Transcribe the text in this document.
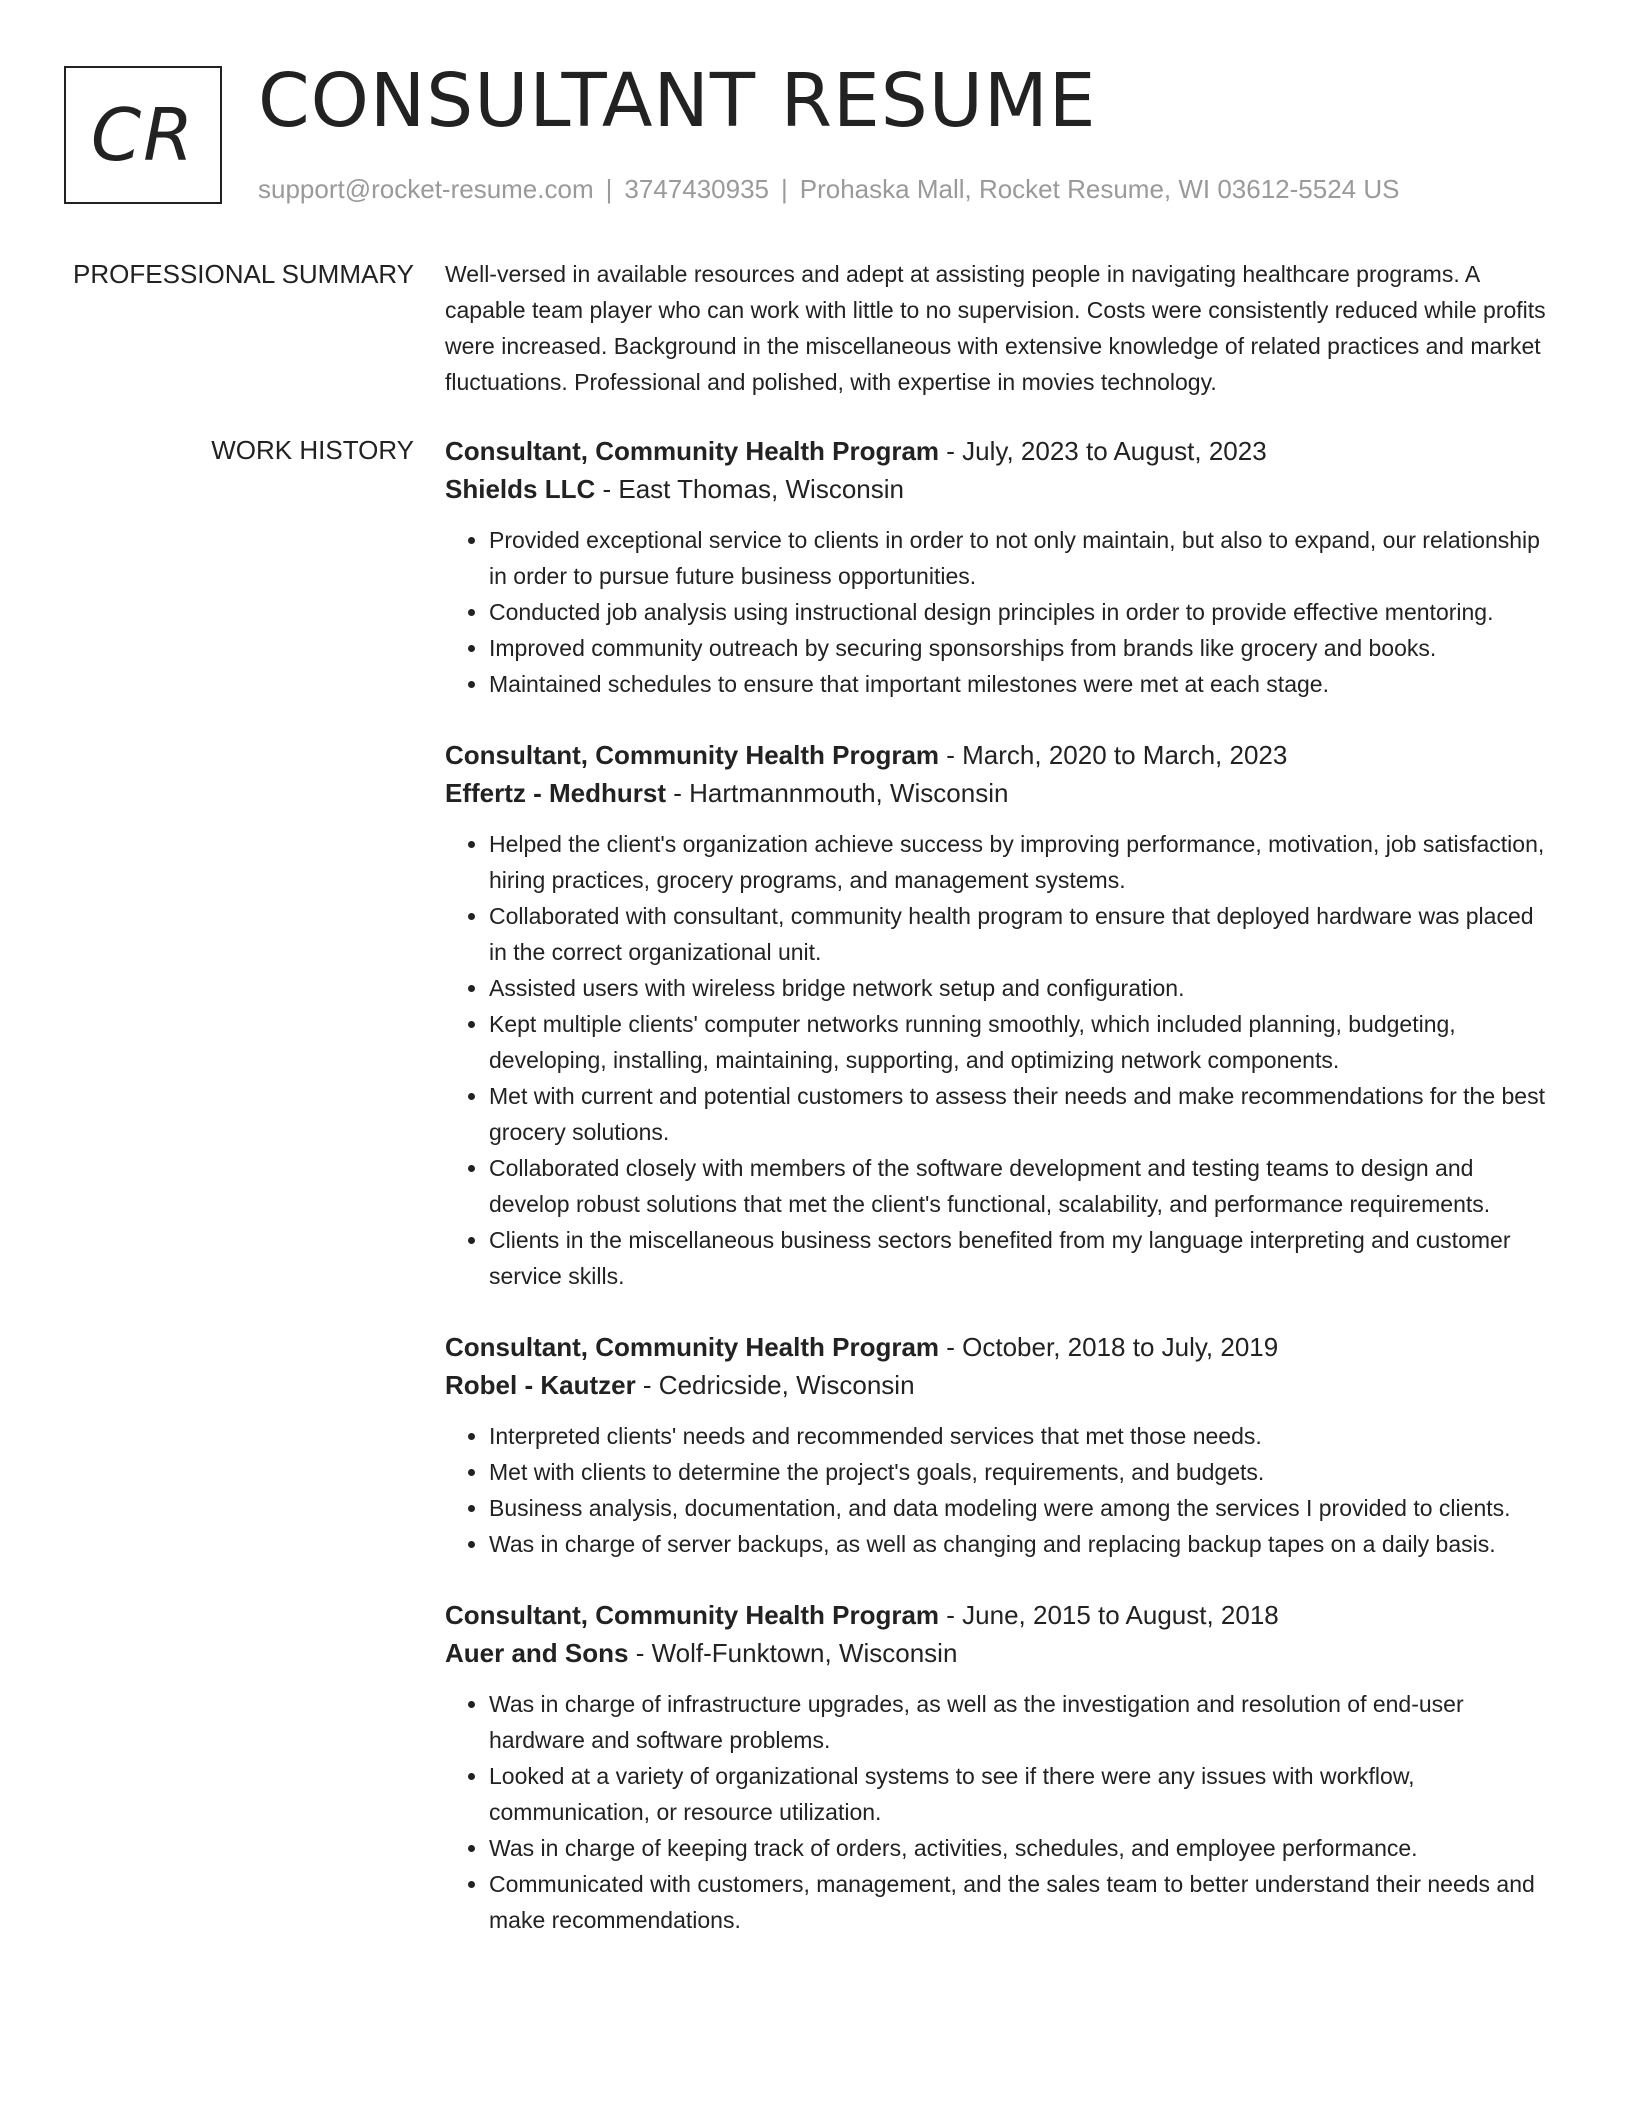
CR CONSULTANT RESUME
support@rocket-resume.com | 3747430935 | Prohaska Mall, Rocket Resume, WI 03612-5524 US
PROFESSIONAL SUMMARY Well-versed in available resources and adept at assisting people in navigating healthcare programs. A capable team player who can work with little to no supervision. Costs were consistently reduced while profits were increased. Background in the miscellaneous with extensive knowledge of related practices and market fluctuations. Professional and polished, with expertise in movies technology.

WORK HISTORY Consultant, Community Health Program - July, 2023 to August, 2023
Shields LLC - East Thomas, Wisconsin
• Provided exceptional service to clients in order to not only maintain, but also to expand, our relationship in order to pursue future business opportunities.
• Conducted job analysis using instructional design principles in order to provide effective mentoring.
• Improved community outreach by securing sponsorships from brands like grocery and books.
• Maintained schedules to ensure that important milestones were met at each stage.
Consultant, Community Health Program - March, 2020 to March, 2023
Effertz - Medhurst - Hartmannmouth, Wisconsin
• Helped the client's organization achieve success by improving performance, motivation, job satisfaction, hiring practices, grocery programs, and management systems.
• Collaborated with consultant, community health program to ensure that deployed hardware was placed in the correct organizational unit.
• Assisted users with wireless bridge network setup and configuration.
• Kept multiple clients' computer networks running smoothly, which included planning, budgeting, developing, installing, maintaining, supporting, and optimizing network components.
• Met with current and potential customers to assess their needs and make recommendations for the best grocery solutions.
• Collaborated closely with members of the software development and testing teams to design and develop robust solutions that met the client's functional, scalability, and performance requirements.
• Clients in the miscellaneous business sectors benefited from my language interpreting and customer service skills.
Consultant, Community Health Program - October, 2018 to July, 2019
Robel - Kautzer - Cedricside, Wisconsin
• Interpreted clients' needs and recommended services that met those needs.
• Met with clients to determine the project's goals, requirements, and budgets.
• Business analysis, documentation, and data modeling were among the services I provided to clients.
• Was in charge of server backups, as well as changing and replacing backup tapes on a daily basis.
Consultant, Community Health Program - June, 2015 to August, 2018
Auer and Sons - Wolf-Funktown, Wisconsin
• Was in charge of infrastructure upgrades, as well as the investigation and resolution of end-user hardware and software problems.
• Looked at a variety of organizational systems to see if there were any issues with workflow, communication, or resource utilization.
• Was in charge of keeping track of orders, activities, schedules, and employee performance.
• Communicated with customers, management, and the sales team to better understand their needs and make recommendations.
